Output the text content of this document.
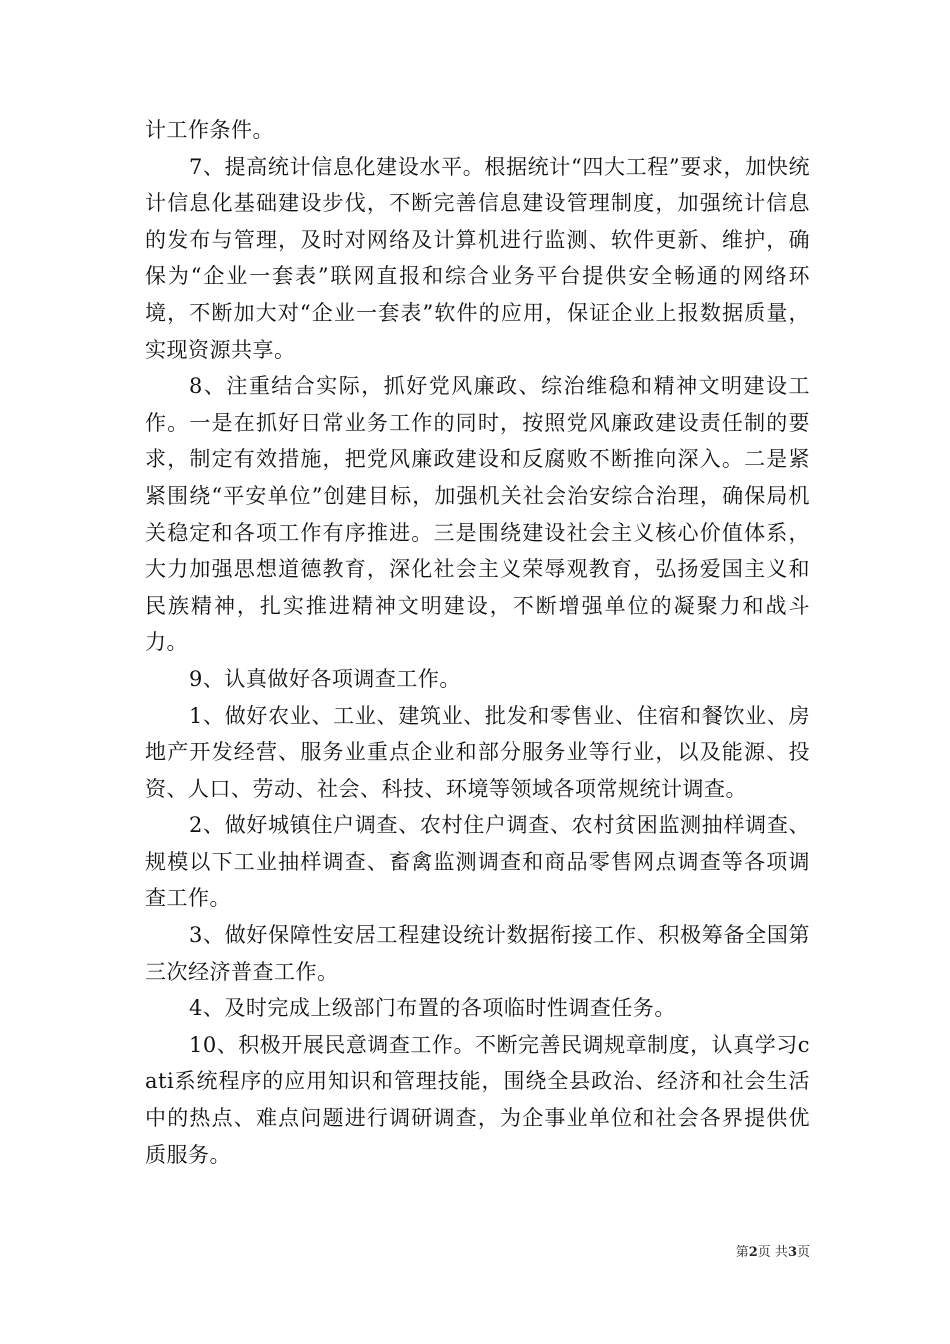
计工作条件。

7、提高统计信息化建设水平。根据统计“四大工程”要求，加快统计信息化基础建设步伐，不断完善信息建设管理制度，加强统计信息的发布与管理，及时对网络及计算机进行监测、软件更新、维护，确保为“企业一套表”联网直报和综合业务平台提供安全畅通的网络环境，不断加大对“企业一套表”软件的应用，保证企业上报数据质量，实现资源共享。

8、注重结合实际，抓好党风廉政、综治维稳和精神文明建设工作。一是在抓好日常业务工作的同时，按照党风廉政建设责任制的要求，制定有效措施，把党风廉政建设和反腐败不断推向深入。二是紧紧围绕“平安单位”创建目标，加强机关社会治安综合治理，确保局机关稳定和各项工作有序推进。三是围绕建设社会主义核心价值体系，大力加强思想道德教育，深化社会主义荣辱观教育，弘扬爱国主义和民族精神，扎实推进精神文明建设，不断增强单位的凝聚力和战斗力。

9、认真做好各项调查工作。

1、做好农业、工业、建筑业、批发和零售业、住宿和餐饮业、房地产开发经营、服务业重点企业和部分服务业等行业，以及能源、投资、人口、劳动、社会、科技、环境等领域各项常规统计调查。

2、做好城镇住户调查、农村住户调查、农村贫困监测抽样调查、规模以下工业抽样调查、畜禽监测调查和商品零售网点调查等各项调查工作。

3、做好保障性安居工程建设统计数据衔接工作、积极筹备全国第三次经济普查工作。

4、及时完成上级部门布置的各项临时性调查任务。

10、积极开展民意调查工作。不断完善民调规章制度，认真学习cati系统程序的应用知识和管理技能，围绕全县政治、经济和社会生活中的热点、难点问题进行调研调查，为企事业单位和社会各界提供优质服务。

第2页 共3页
